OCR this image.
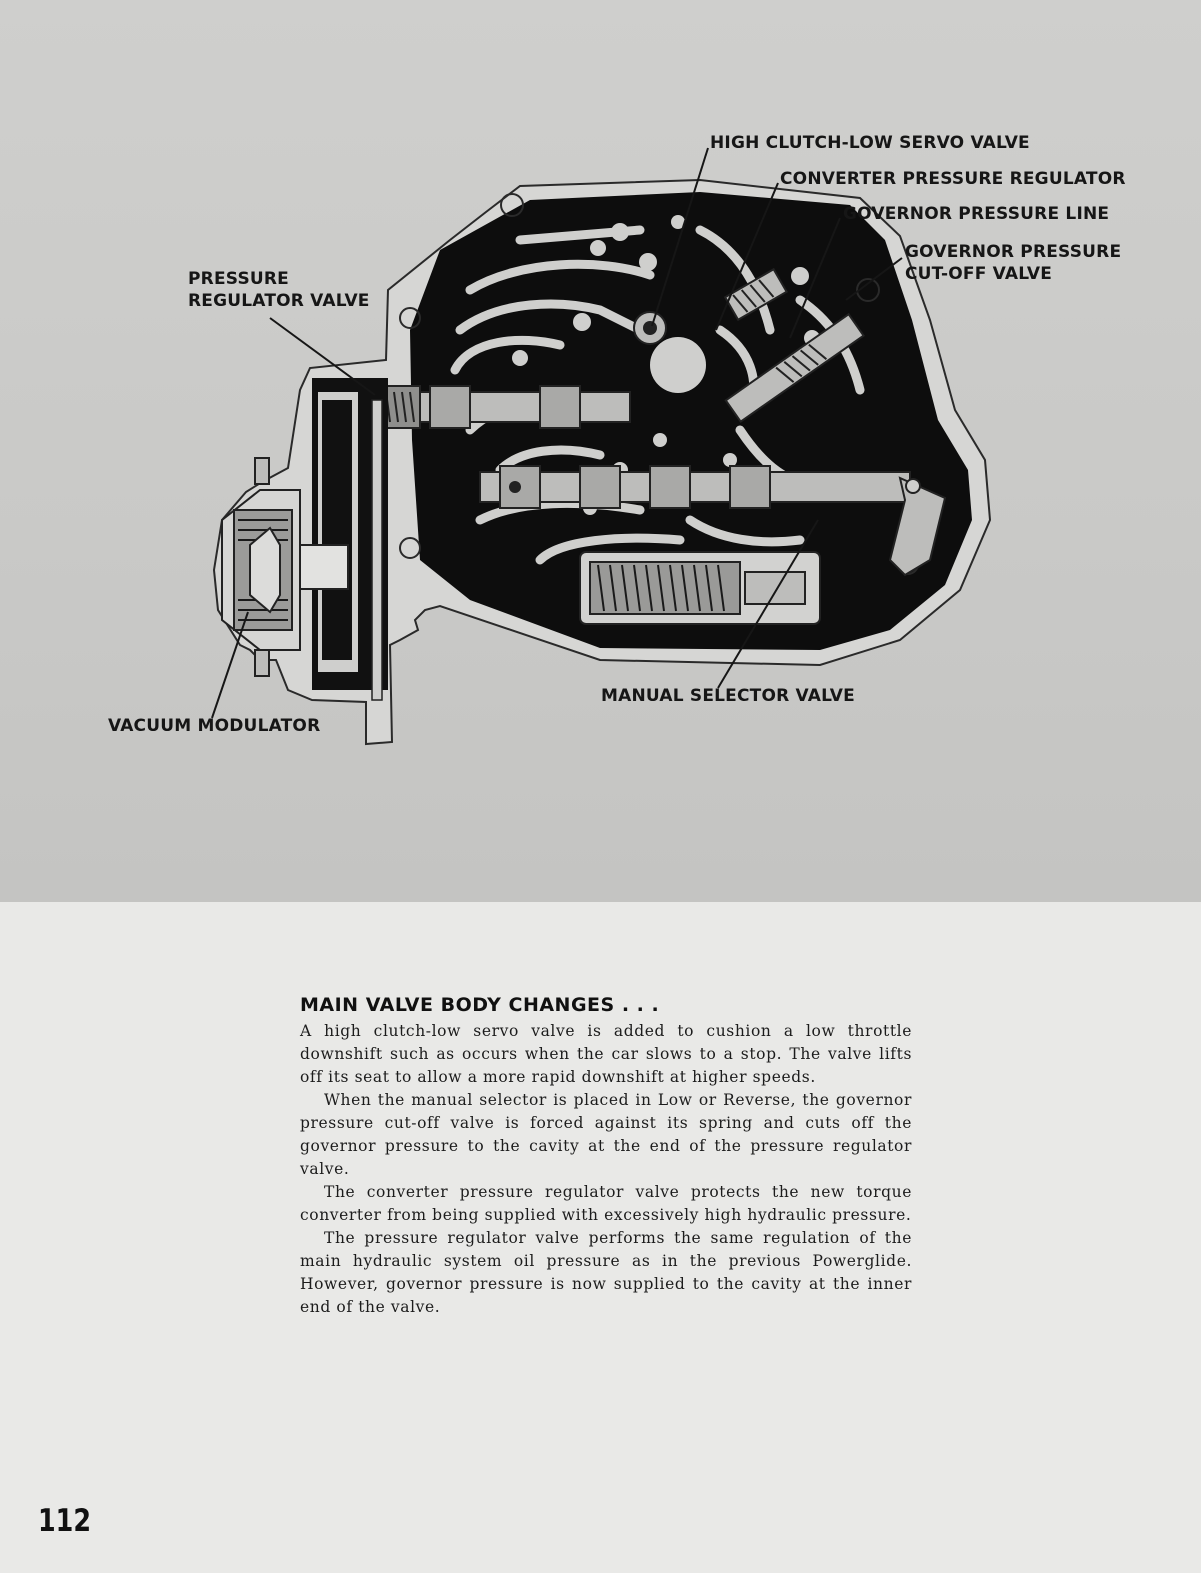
HIGH CLUTCH-LOW SERVO VALVE

CONVERTER PRESSURE REGULATOR

GOVERNOR PRESSURE LINE

GOVERNOR PRESSURE

CUT-OFF VALVE

PRESSURE

REGULATOR VALVE

MANUAL SELECTOR VALVE

VACUUM MODULATOR

MAIN VALVE BODY CHANGES . . .

A high clutch-low servo valve is added to cushion a low throttle downshift such as occurs when the car slows to a stop. The valve lifts off its seat to allow a more rapid downshift at higher speeds.

When the manual selector is placed in Low or Reverse, the governor pressure cut-off valve is forced against its spring and cuts off the governor pressure to the cavity at the end of the pressure regulator valve.

The converter pressure regulator valve protects the new torque converter from being supplied with excessively high hydraulic pressure.

The pressure regulator valve performs the same regulation of the main hydraulic system oil pressure as in the previous Powerglide. However, governor pressure is now supplied to the cavity at the inner end of the valve.

112
